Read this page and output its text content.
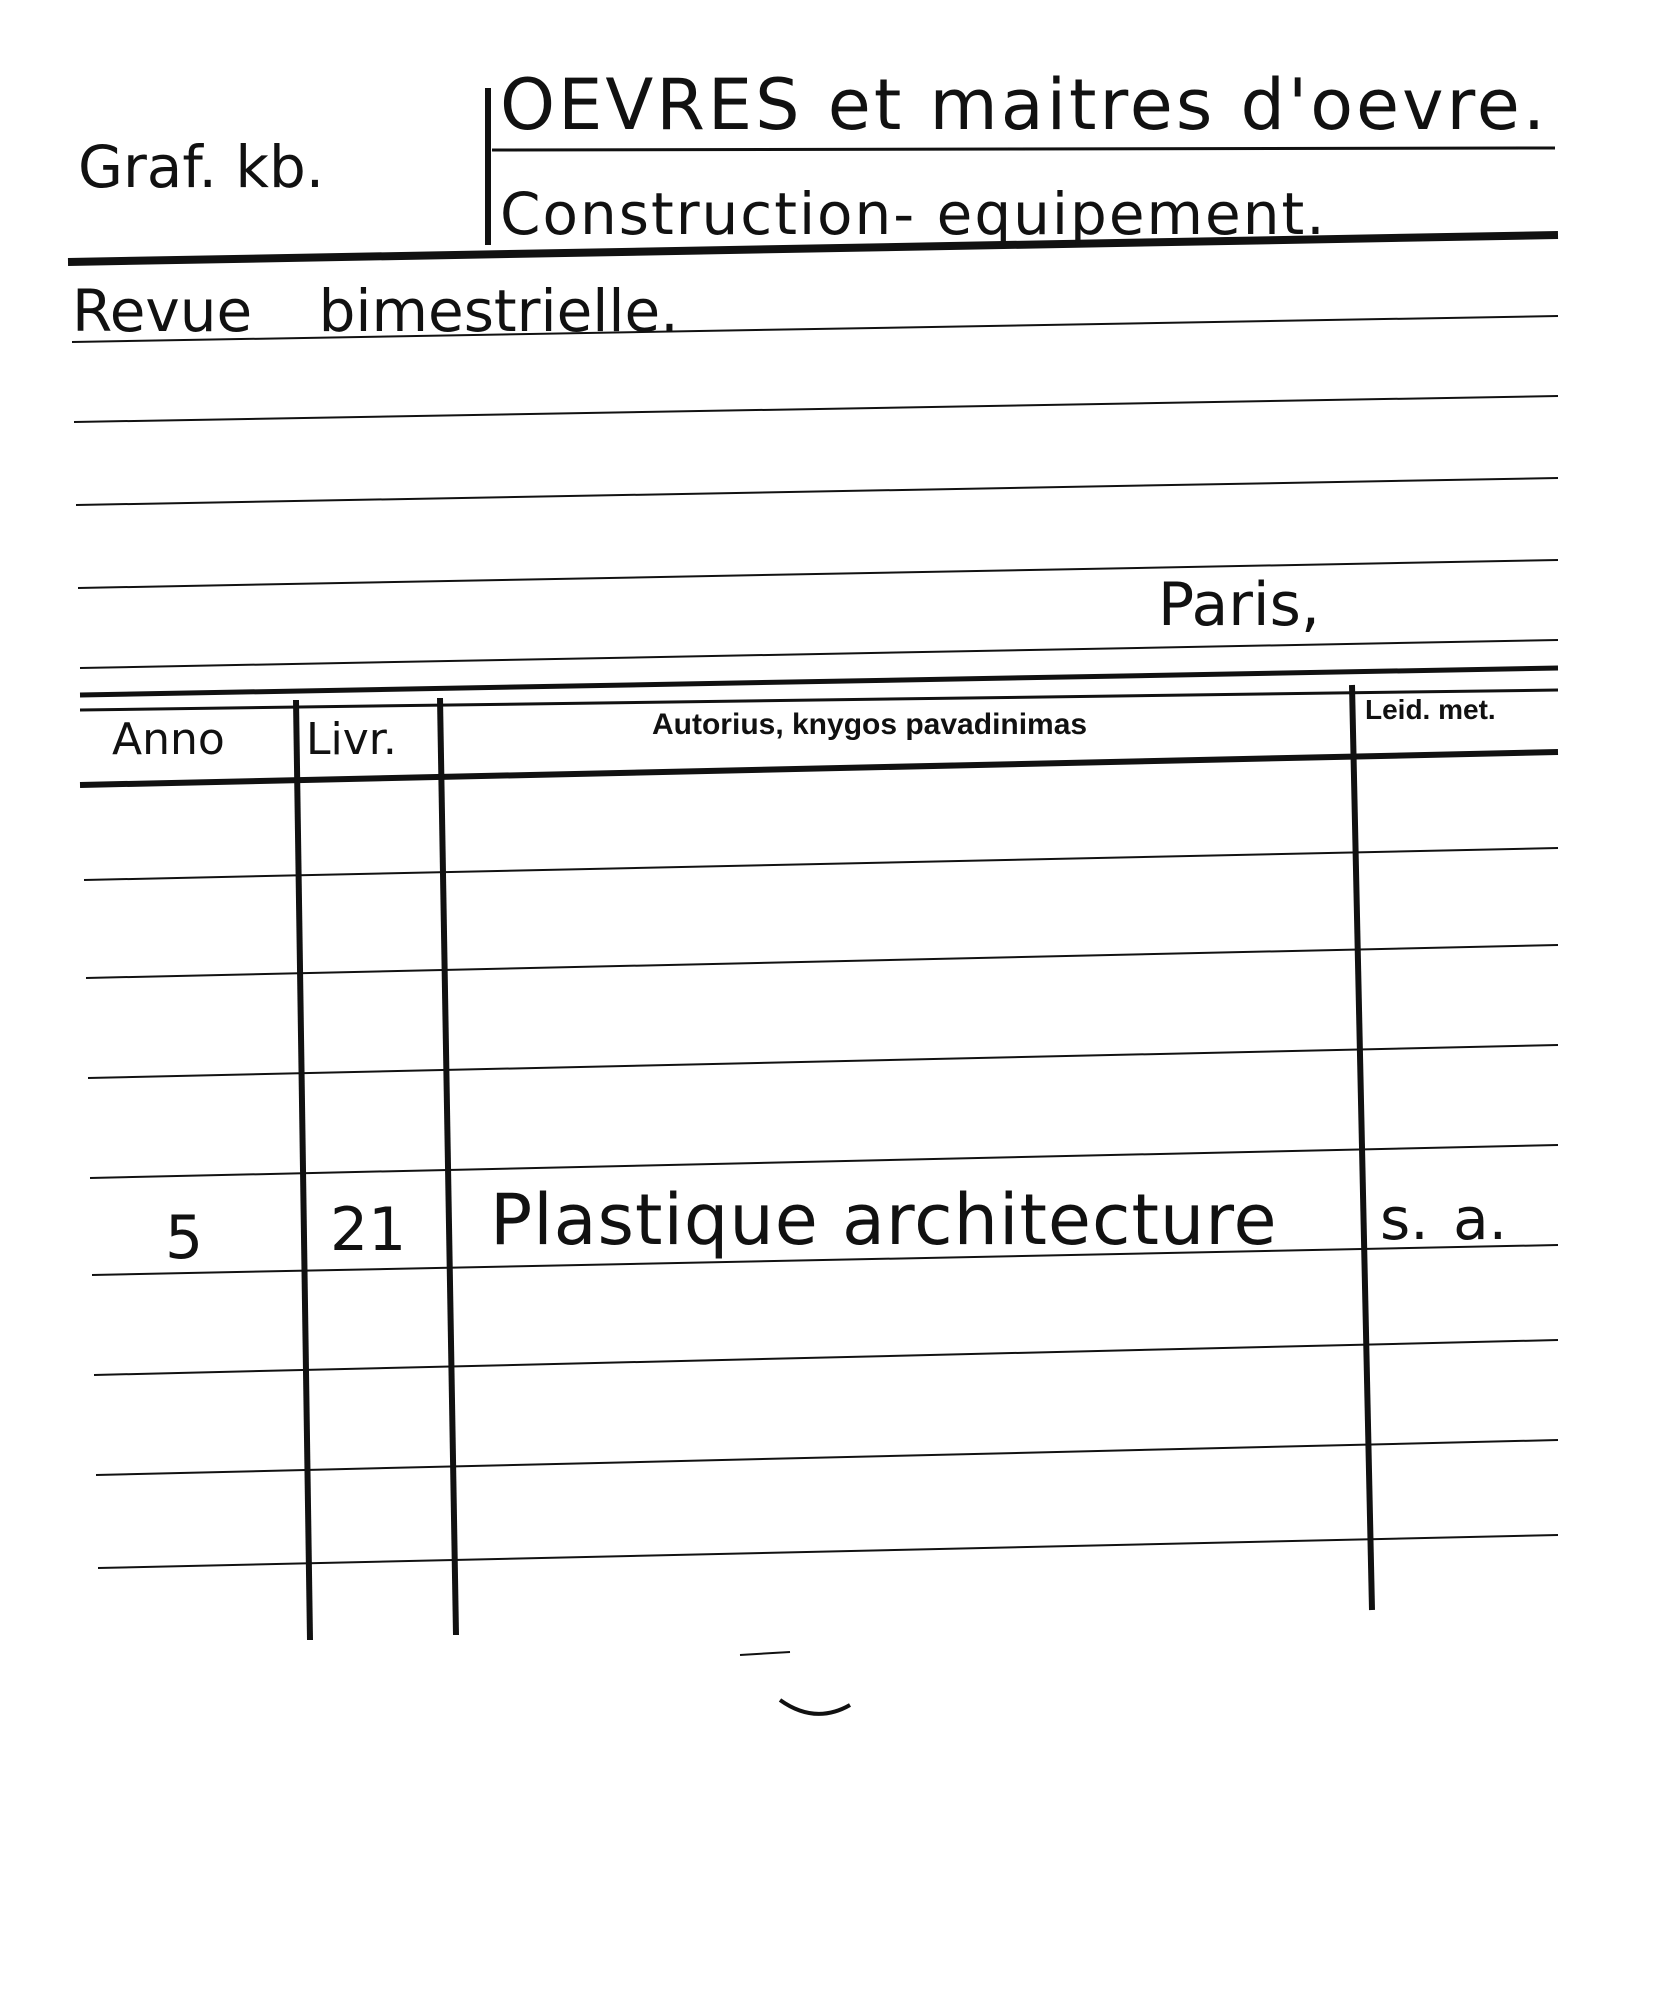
Graf. kb.
OEVRES et maitres d'oevre.
Construction- equipement.
Revue bimestrielle.
Paris,
Anno Livr.	Autorius, knygos pavadinimas	Leid. met.
5 21 Plastique architecture s. a.
